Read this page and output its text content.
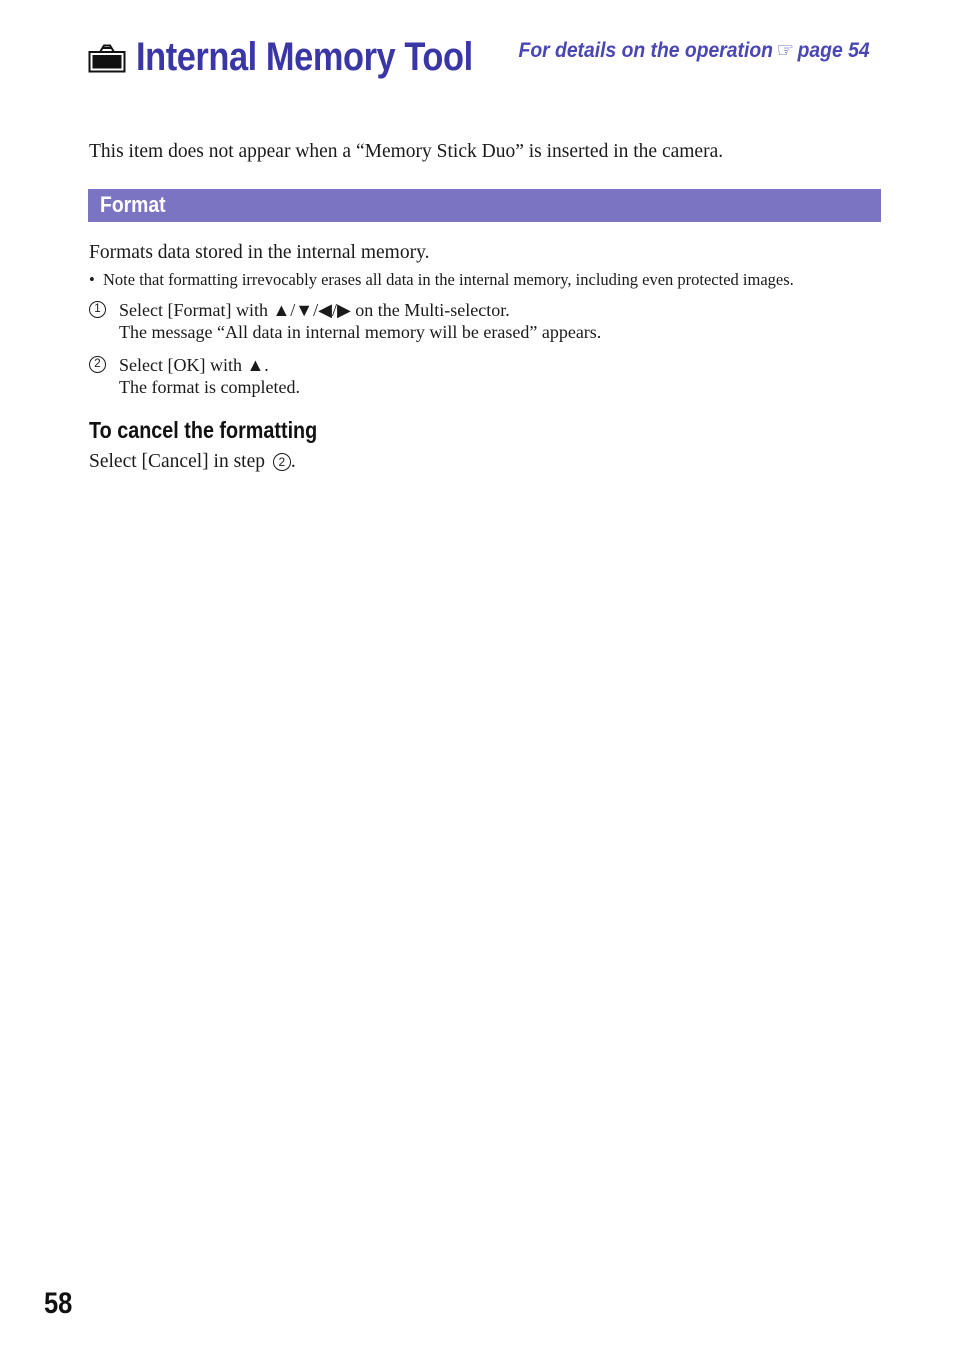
Internal Memory Tool For details on the operation ☞ page 54
This item does not appear when a “Memory Stick Duo” is inserted in the camera.
Format
Formats data stored in the internal memory.
• Note that formatting irrevocably erases all data in the internal memory, including even protected images.
1 Select [Format] with ▲/▼/◀/▶ on the Multi-selector.
The message “All data in internal memory will be erased” appears.
2 Select [OK] with ▲.
The format is completed.
To cancel the formatting
Select [Cancel] in step 2 .
58
